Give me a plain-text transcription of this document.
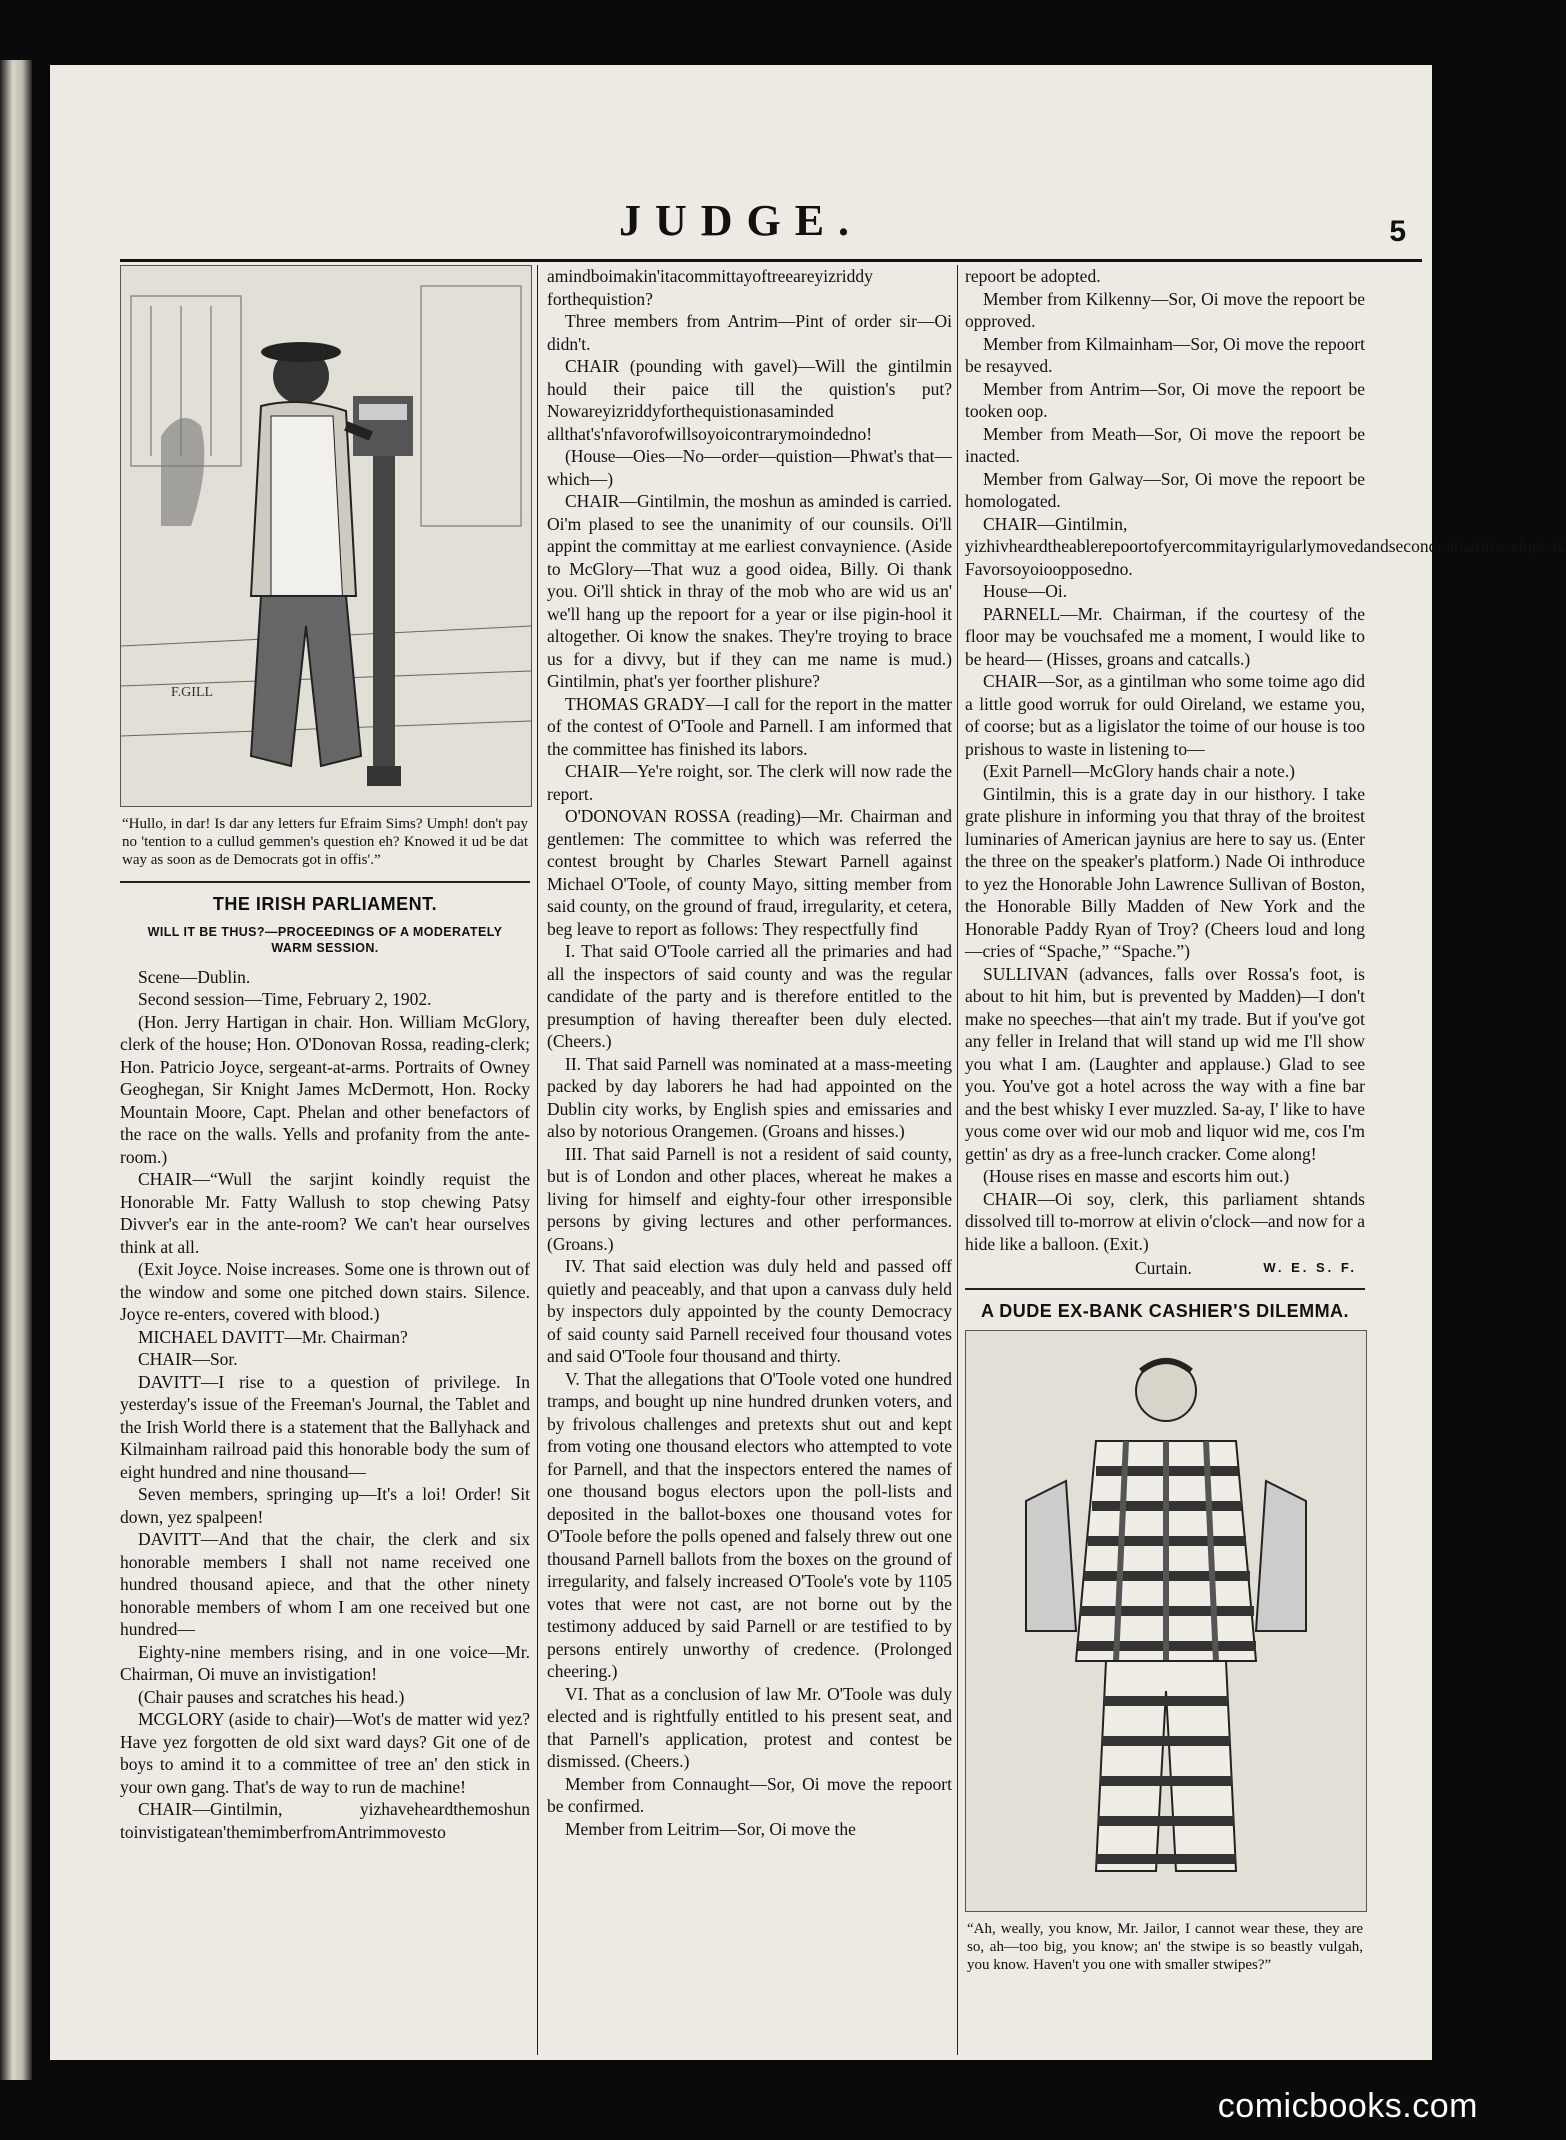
JUDGE.	5
F.GILL
“Hullo, in dar! Is dar any letters fur Efraim Sims? Umph! don't pay no 'tention to a cullud gemmen's question eh? Knowed it ud be dat way as soon as de Democrats got in offis'.”
THE IRISH PARLIAMENT.
WILL IT BE THUS?—PROCEEDINGS OF A MODERATELY WARM SESSION.

Scene—Dublin.

Second session—Time, February 2, 1902.

(Hon. Jerry Hartigan in chair. Hon. William McGlory, clerk of the house; Hon. O'Donovan Rossa, reading-clerk; Hon. Patricio Joyce, sergeant-at-arms. Portraits of Owney Geoghegan, Sir Knight James McDermott, Hon. Rocky Mountain Moore, Capt. Phelan and other benefactors of the race on the walls. Yells and profanity from the ante-room.)

CHAIR—“Wull the sarjint koindly requist the Honorable Mr. Fatty Wallush to stop chewing Patsy Divver's ear in the ante-room? We can't hear ourselves think at all.

(Exit Joyce. Noise increases. Some one is thrown out of the window and some one pitched down stairs. Silence. Joyce re-enters, covered with blood.)

MICHAEL DAVITT—Mr. Chairman?

CHAIR—Sor.

DAVITT—I rise to a question of privilege. In yesterday's issue of the Freeman's Journal, the Tablet and the Irish World there is a statement that the Ballyhack and Kilmainham railroad paid this honorable body the sum of eight hundred and nine thousand—

Seven members, springing up—It's a loi! Order! Sit down, yez spalpeen!

DAVITT—And that the chair, the clerk and six honorable members I shall not name received one hundred thousand apiece, and that the other ninety honorable members of whom I am one received but one hundred—

Eighty-nine members rising, and in one voice—Mr. Chairman, Oi muve an invistigation!

(Chair pauses and scratches his head.)

MCGLORY (aside to chair)—Wot's de matter wid yez? Have yez forgotten de old sixt ward days? Git one of de boys to amind it to a committee of tree an' den stick in your own gang. That's de way to run de machine!

CHAIR—Gintilmin, yizhaveheardthemoshun toinvistigatean'themimberfromAntrimmovesto

amindboimakin'itacommittayoftreeareyizriddy forthequistion?

Three members from Antrim—Pint of order sir—Oi didn't.

CHAIR (pounding with gavel)—Will the gintilmin hould their paice till the quistion's put? Nowareyizriddyforthequistionasaminded allthat's'nfavorofwillsoyoicontrarymoindedno!

(House—Oies—No—order—quistion—Phwat's that—which—)

CHAIR—Gintilmin, the moshun as aminded is carried. Oi'm plased to see the unanimity of our counsils. Oi'll appint the committay at me earliest convaynience. (Aside to McGlory—That wuz a good oidea, Billy. Oi thank you. Oi'll shtick in thray of the mob who are wid us an' we'll hang up the repoort for a year or ilse pigin-hool it altogether. Oi know the snakes. They're troying to brace us for a divvy, but if they can me name is mud.) Gintilmin, phat's yer foorther plishure?

THOMAS GRADY—I call for the report in the matter of the contest of O'Toole and Parnell. I am informed that the committee has finished its labors.

CHAIR—Ye're roight, sor. The clerk will now rade the report.

O'DONOVAN ROSSA (reading)—Mr. Chairman and gentlemen: The committee to which was referred the contest brought by Charles Stewart Parnell against Michael O'Toole, of county Mayo, sitting member from said county, on the ground of fraud, irregularity, et cetera, beg leave to report as follows: They respectfully find

I. That said O'Toole carried all the primaries and had all the inspectors of said county and was the regular candidate of the party and is therefore entitled to the presumption of having thereafter been duly elected. (Cheers.)

II. That said Parnell was nominated at a mass-meeting packed by day laborers he had had appointed on the Dublin city works, by English spies and emissaries and also by notorious Orangemen. (Groans and hisses.)

III. That said Parnell is not a resident of said county, but is of London and other places, whereat he makes a living for himself and eighty-four other irresponsible persons by giving lectures and other performances. (Groans.)

IV. That said election was duly held and passed off quietly and peaceably, and that upon a canvass duly held by inspectors duly appointed by the county Democracy of said county said Parnell received four thousand votes and said O'Toole four thousand and thirty.

V. That the allegations that O'Toole voted one hundred tramps, and bought up nine hundred drunken voters, and by frivolous challenges and pretexts shut out and kept from voting one thousand electors who attempted to vote for Parnell, and that the inspectors entered the names of one thousand bogus electors upon the poll-lists and deposited in the ballot-boxes one thousand votes for O'Toole before the polls opened and falsely threw out one thousand Parnell ballots from the boxes on the ground of irregularity, and falsely increased O'Toole's vote by 1105 votes that were not cast, are not borne out by the testimony adduced by said Parnell or are testified to by persons entirely unworthy of credence. (Prolonged cheering.)

VI. That as a conclusion of law Mr. O'Toole was duly elected and is rightfully entitled to his present seat, and that Parnell's application, protest and contest be dismissed. (Cheers.)

Member from Connaught—Sor, Oi move the repoort be confirmed.

Member from Leitrim—Sor, Oi move the

repoort be adopted.

Member from Kilkenny—Sor, Oi move the repoort be opproved.

Member from Kilmainham—Sor, Oi move the repoort be resayved.

Member from Antrim—Sor, Oi move the repoort be tooken oop.

Member from Meath—Sor, Oi move the repoort be inacted.

Member from Galway—Sor, Oi move the repoort be homologated.

CHAIR—Gintilmin, yizhivheardtheablerepoortofyercommitayrigularlymovedandsecondedthatitbeadopted. Favorsoyoioopposedno.

House—Oi.

PARNELL—Mr. Chairman, if the courtesy of the floor may be vouchsafed me a moment, I would like to be heard— (Hisses, groans and catcalls.)

CHAIR—Sor, as a gintilman who some toime ago did a little good worruk for ould Oireland, we estame you, of coorse; but as a ligislator the toime of our house is too prishous to waste in listening to—

(Exit Parnell—McGlory hands chair a note.)

Gintilmin, this is a grate day in our histhory. I take grate plishure in informing you that thray of the broitest luminaries of American jaynius are here to say us. (Enter the three on the speaker's platform.) Nade Oi inthroduce to yez the Honorable John Lawrence Sullivan of Boston, the Honorable Billy Madden of New York and the Honorable Paddy Ryan of Troy? (Cheers loud and long—cries of “Spache,” “Spache.”)

SULLIVAN (advances, falls over Rossa's foot, is about to hit him, but is prevented by Madden)—I don't make no speeches—that ain't my trade. But if you've got any feller in Ireland that will stand up wid me I'll show you what I am. (Laughter and applause.) Glad to see you. You've got a hotel across the way with a fine bar and the best whisky I ever muzzled. Sa-ay, I' like to have yous come over wid our mob and liquor wid me, cos I'm gettin' as dry as a free-lunch cracker. Come along!

(House rises en masse and escorts him out.)

CHAIR—Oi soy, clerk, this parliament shtands dissolved till to-morrow at elivin o'clock—and now for a hide like a balloon. (Exit.)

Curtain.	W. E. S. F.
A DUDE EX-BANK CASHIER'S DILEMMA.
“Ah, weally, you know, Mr. Jailor, I cannot wear these, they are so, ah—too big, you know; an' the stwipe is so beastly vulgah, you know. Haven't you one with smaller stwipes?”
comicbooks.com
